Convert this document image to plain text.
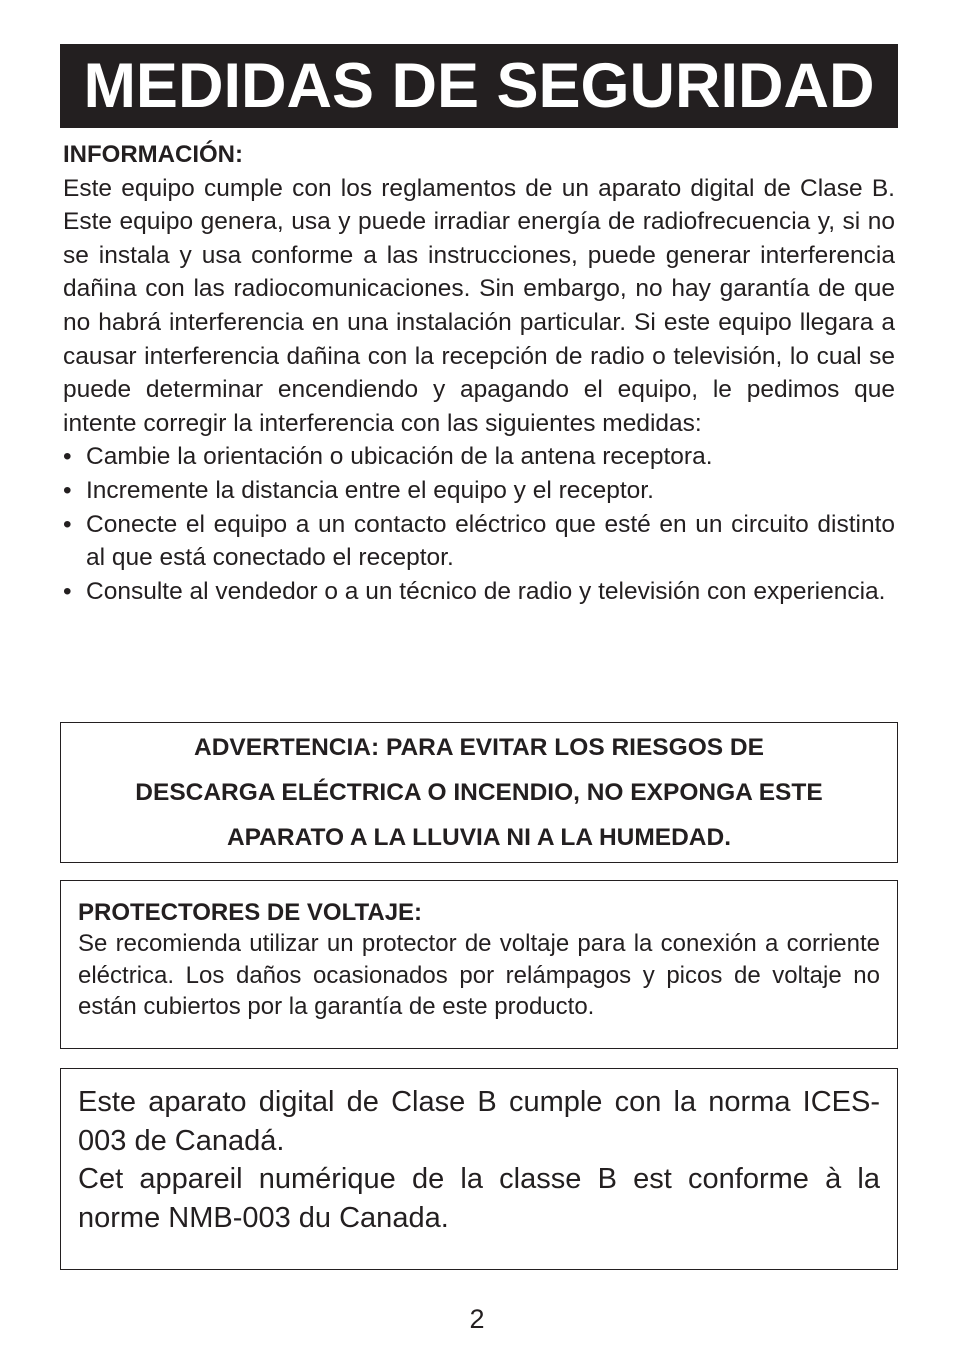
MEDIDAS DE SEGURIDAD
INFORMACIÓN:

Este equipo cumple con los reglamentos de un aparato digital de Clase B. Este equipo genera, usa y puede irradiar energía de radiofrecuencia y, si no se instala y usa conforme a las instrucciones, puede generar interferencia dañina con las radiocomunicaciones. Sin embargo, no hay garantía de que no habrá interferencia en una instalación particular. Si este equipo llegara a causar interferencia dañina con la recepción de radio o televisión, lo cual se puede determinar encendiendo y apagando el equipo, le pedimos que intente corregir la interferencia con las siguientes medidas:

• Cambie la orientación o ubicación de la antena receptora.
• Incremente la distancia entre el equipo y el receptor.
• Conecte el equipo a un contacto eléctrico que esté en un circuito distinto al que está conectado el receptor.
• Consulte al vendedor o a un técnico de radio y televisión con experiencia.
ADVERTENCIA: PARA EVITAR LOS RIESGOS DE
DESCARGA ELÉCTRICA O INCENDIO, NO EXPONGA ESTE
APARATO A LA LLUVIA NI A LA HUMEDAD.
PROTECTORES DE VOLTAJE:

Se recomienda utilizar un protector de voltaje para la conexión a corriente eléctrica. Los daños ocasionados por relámpagos y picos de voltaje no están cubiertos por la garantía de este producto.

Este aparato digital de Clase B cumple con la norma ICES-003 de Canadá.

Cet appareil numérique de la classe B est conforme à la norme NMB-003 du Canada.

2
